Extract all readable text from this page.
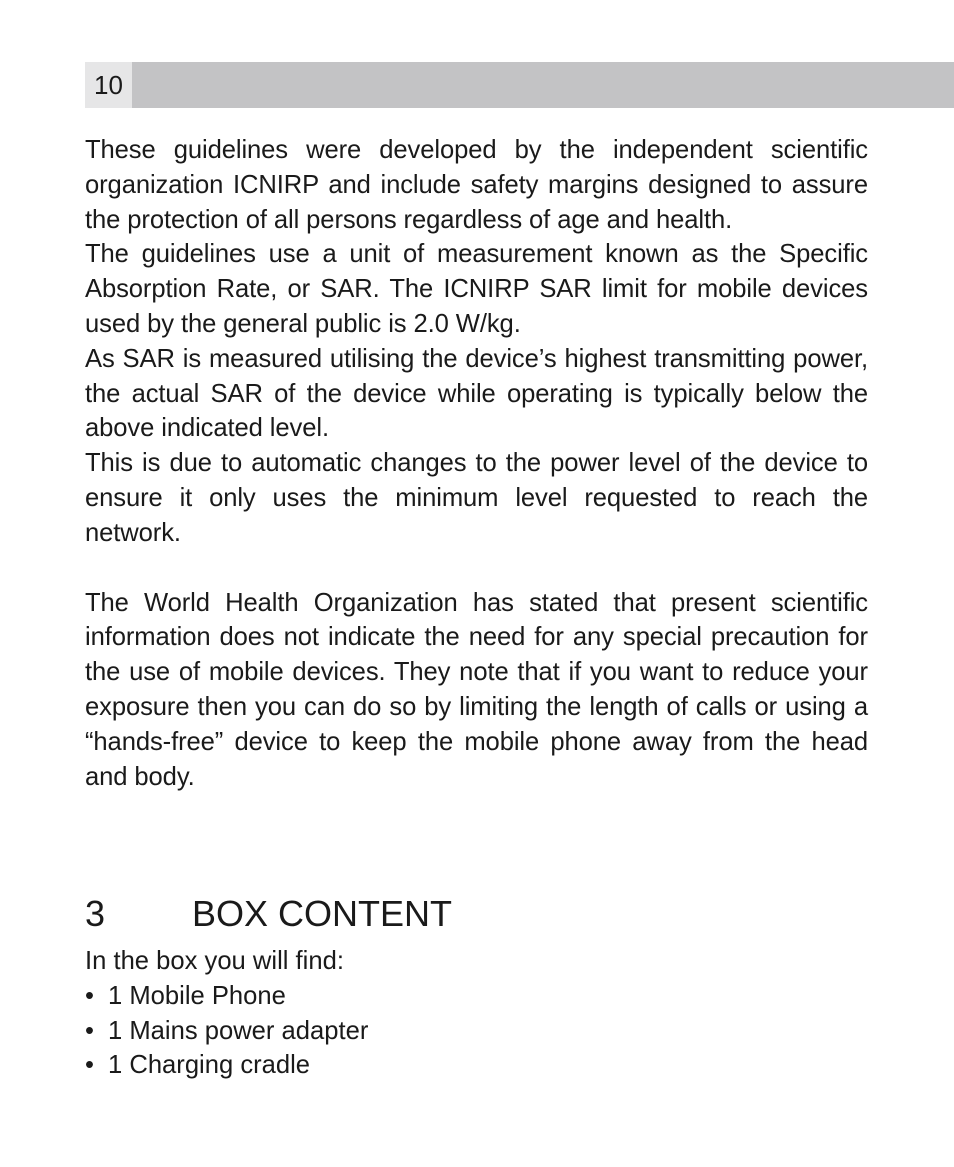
10

These guidelines were developed by the independent scientific organization ICNIRP and include safety margins designed to assure the protection of all persons regardless of age and health.

The guidelines use a unit of measurement known as the Specific Absorption Rate, or SAR. The ICNIRP SAR limit for mobile devices used by the general public is 2.0 W/kg.

As SAR is measured utilising the device’s highest transmitting power, the actual SAR of the device while operating is typically below the above indicated level.

This is due to automatic changes to the power level of the device to ensure it only uses the minimum level requested to reach the network.

The World Health Organization has stated that present scientific information does not indicate the need for any special precaution for the use of mobile devices. They note that if you want to reduce your exposure then you can do so by limiting the length of calls or using a “hands-free” device to keep the mobile phone away from the head and body.

3 BOX CONTENT

In the box you will find:

• 1 Mobile Phone
• 1 Mains power adapter
• 1 Charging cradle
